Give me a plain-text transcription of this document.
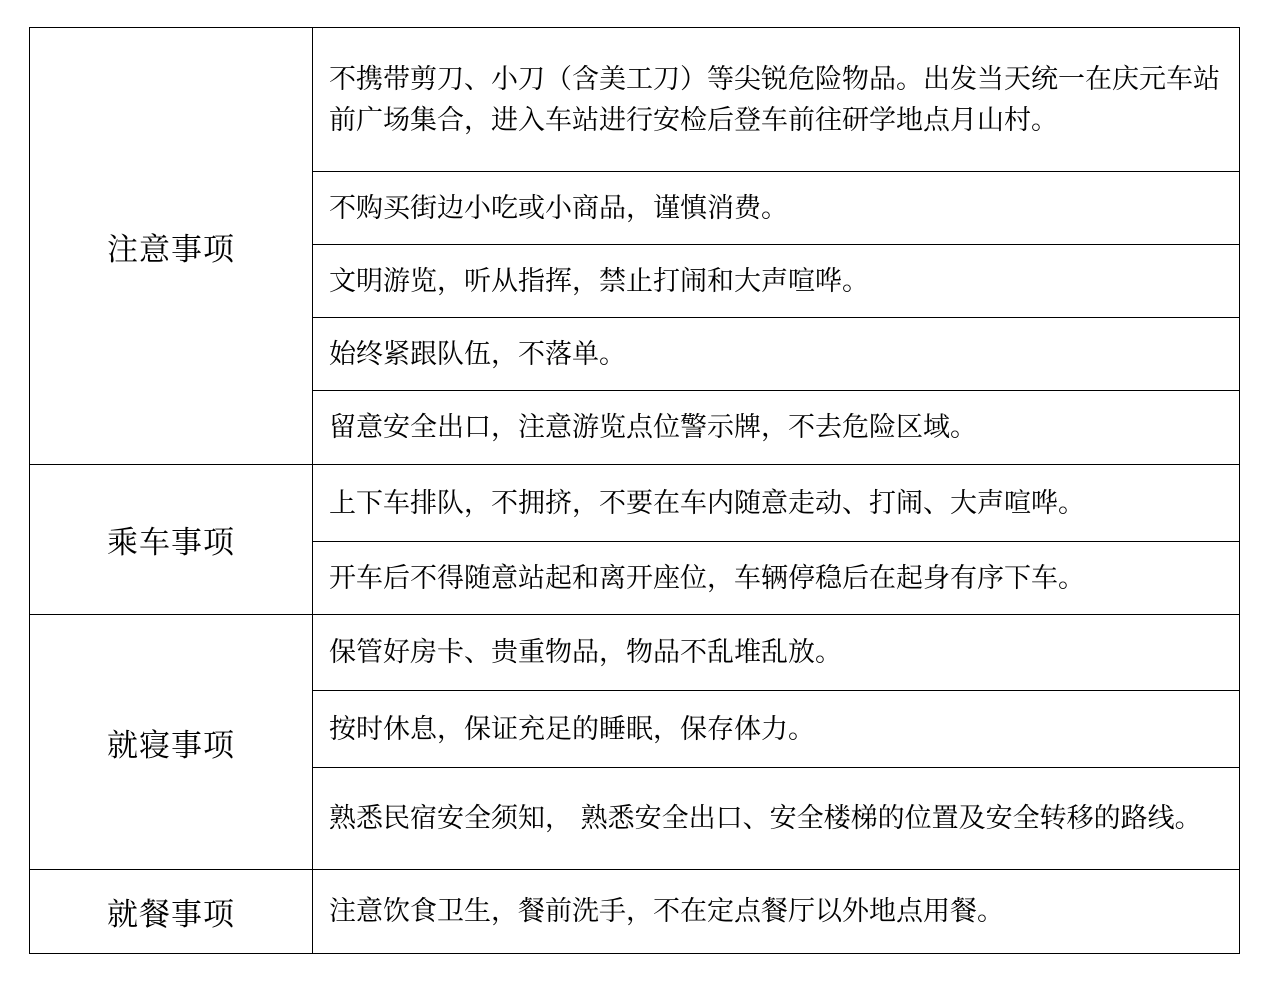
注意事项	不携带剪刀、小刀（含美工刀）等尖锐危险物品。出发当天统一在庆元车站前广场集合，进入车站进行安检后登车前往研学地点月山村。
	不购买街边小吃或小商品，谨慎消费。
	文明游览，听从指挥，禁止打闹和大声喧哗。
	始终紧跟队伍，不落单。
	留意安全出口，注意游览点位警示牌，不去危险区域。
乘车事项	上下车排队，不拥挤，不要在车内随意走动、打闹、大声喧哗。
	开车后不得随意站起和离开座位，车辆停稳后在起身有序下车。
就寝事项	保管好房卡、贵重物品，物品不乱堆乱放。
	按时休息，保证充足的睡眠，保存体力。
	熟悉民宿安全须知， 熟悉安全出口、安全楼梯的位置及安全转移的路线。
就餐事项	注意饮食卫生，餐前洗手，不在定点餐厅以外地点用餐。
